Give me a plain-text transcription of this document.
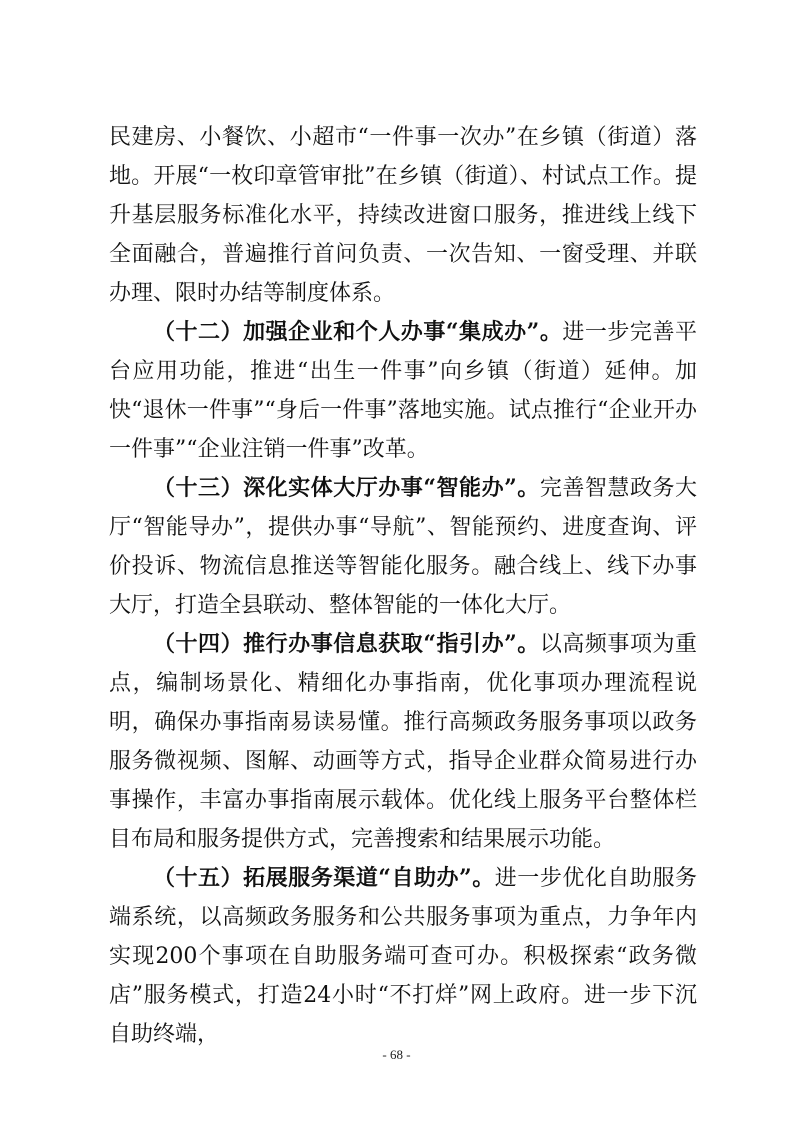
民建房、小餐饮、小超市“一件事一次办”在乡镇（街道）落地。开展“一枚印章管审批”在乡镇（街道）、村试点工作。提升基层服务标准化水平，持续改进窗口服务，推进线上线下全面融合，普遍推行首问负责、一次告知、一窗受理、并联办理、限时办结等制度体系。

（十二）加强企业和个人办事“集成办”。进一步完善平台应用功能，推进“出生一件事”向乡镇（街道）延伸。加快“退休一件事”“身后一件事”落地实施。试点推行“企业开办一件事”“企业注销一件事”改革。

（十三）深化实体大厅办事“智能办”。完善智慧政务大厅“智能导办”，提供办事“导航”、智能预约、进度查询、评价投诉、物流信息推送等智能化服务。融合线上、线下办事大厅，打造全县联动、整体智能的一体化大厅。

（十四）推行办事信息获取“指引办”。以高频事项为重点，编制场景化、精细化办事指南，优化事项办理流程说明，确保办事指南易读易懂。推行高频政务服务事项以政务服务微视频、图解、动画等方式，指导企业群众简易进行办事操作，丰富办事指南展示载体。优化线上服务平台整体栏目布局和服务提供方式，完善搜索和结果展示功能。

（十五）拓展服务渠道“自助办”。进一步优化自助服务端系统，以高频政务服务和公共服务事项为重点，力争年内实现200个事项在自助服务端可查可办。积极探索“政务微店”服务模式，打造24小时“不打烊”网上政府。进一步下沉自助终端，

- 68 -
